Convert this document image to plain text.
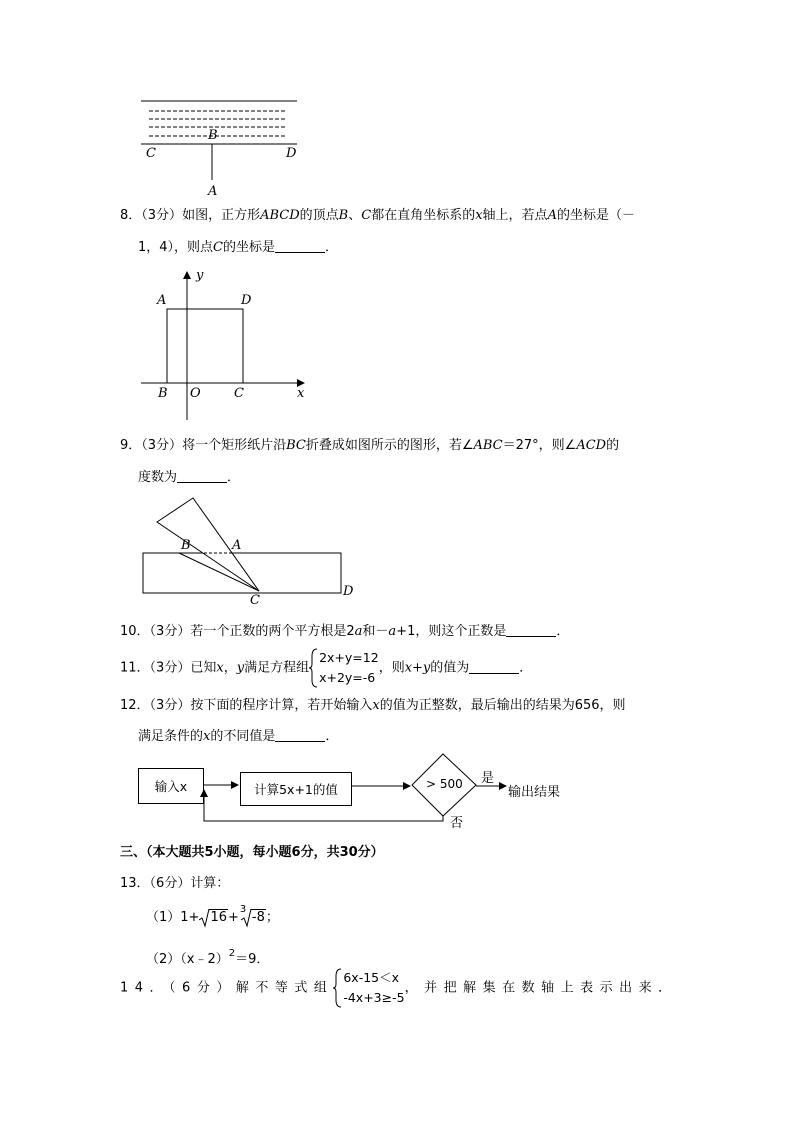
B
C	D
A
8．（3分）如图，正方形ABCD的顶点B、C都在直角坐标系的x轴上，若点A的坐标是（－
1，4），则点C的坐标是	．
y
A	D
B O	C	x
9．（3分）将一个矩形纸片沿BC折叠成如图所示的图形，若∠ABC＝27°，则∠ACD的
度数为	．
B	A
C
D
10．（3分）若一个正数的两个平方根是2a和－a+1，则这个正数是	．
11．（3分）已知x，y满足方程组
2x+y=12
x+2y=-6
，则x+y的值为	．
12．（3分）按下面的程序计算，若开始输入x的值为正整数，最后输出的结果为656，则
满足条件的x的不同值是	．
输入x	计算5x+1的值	> 500 是
输出结果
否
三、（本大题共5小题，每小题6分，共30分）
13．（6分）计算：
（1）1+ 16+
3
-8；
（2）（x﹣2）$^2$＝9．
14．（6分）解不等式组
6x-15＜x
-4x+3≥-5
，并把解集在数轴上表示出来．
